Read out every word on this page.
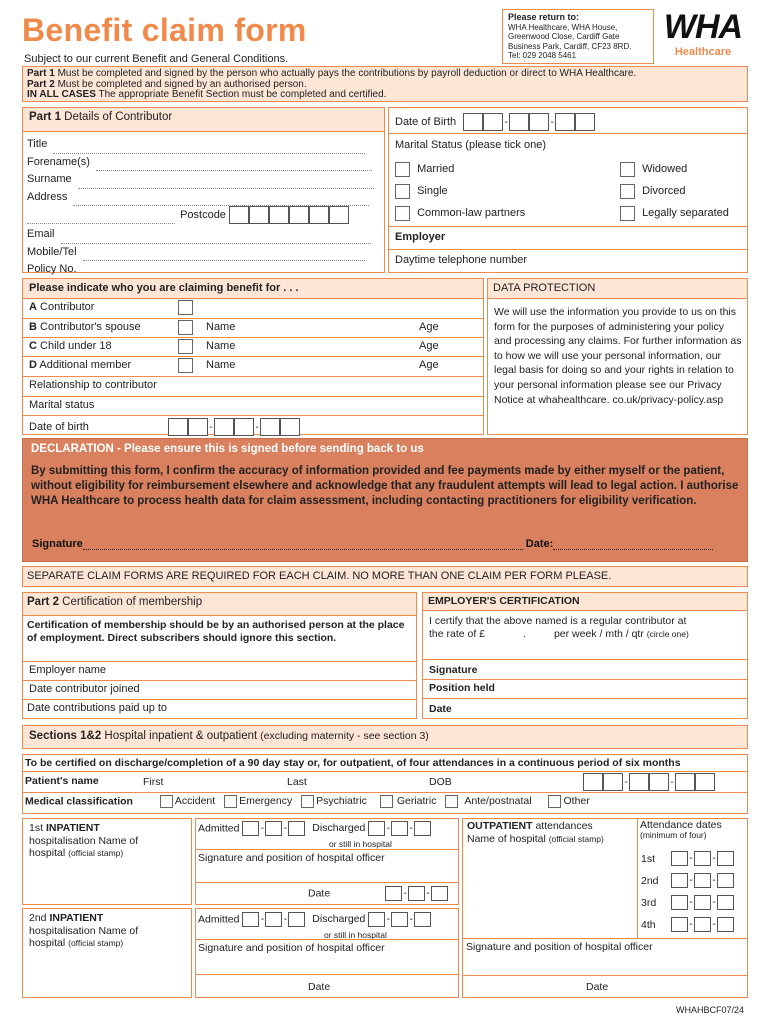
Benefit claim form
Subject to our current Benefit and General Conditions.
Please return to:
WHA Healthcare, WHA House,
Greenwood Close, Cardiff Gate
Business Park, Cardiff, CF23 8RD.
Tel: 029 2048 5461
WHA
Healthcare
Part 1 Must be completed and signed by the person who actually pays the contributions by payroll deduction or direct to WHA Healthcare.
Part 2 Must be completed and signed by an authorised person.
IN ALL CASES The appropriate Benefit Section must be completed and certified.
Part 1 Details of Contributor
Title
Forename(s)
Surname
Address
Postcode
Email
Mobile/Tel
Policy No.
Date of Birth	-	-
Marital Status (please tick one)
Married	Widowed
Single	Divorced
Common-law partners	Legally separated
Employer
Daytime telephone number
Please indicate who you are claiming benefit for . . .
A Contributor
B Contributor's spouse	Name	Age
C Child under 18	Name	Age
D Additional member	Name	Age
Relationship to contributor
Marital status
Date of birth	-	-
DATA PROTECTION
We will use the information you provide to us on this form for the purposes of administering your policy and processing any claims. For further information as to how we will use your personal information, our legal basis for doing so and your rights in relation to your personal information please see our Privacy Notice at whahealthcare. co.uk/privacy-policy.asp
DECLARATION - Please ensure this is signed before sending back to us
By submitting this form, I confirm the accuracy of information provided and fee payments made by either myself or the patient, without eligibility for reimbursement elsewhere and acknowledge that any fraudulent attempts will lead to legal action. I authorise WHA Healthcare to process health data for claim assessment, including contacting practitioners for eligibility verification.
Signature	Date:
SEPARATE CLAIM FORMS ARE REQUIRED FOR EACH CLAIM. NO MORE THAN ONE CLAIM PER FORM PLEASE.
Part 2 Certification of membership
Certification of membership should be by an authorised person at the place of employment. Direct subscribers should ignore this section.
Employer name
Date contributor joined
Date contributions paid up to
EMPLOYER'S CERTIFICATION
I certify that the above named is a regular contributor at
the rate of £	.	per week / mth / qtr (circle one)
Signature
Position held
Date
Sections 1&2 Hospital inpatient & outpatient (excluding maternity - see section 3)
To be certified on discharge/completion of a 90 day stay or, for outpatient, of four attendances in a continuous period of six months
Patient's name	First	Last	DOB	-	-
Medical classification	Accident Emergency Psychiatric	Geriatric	Ante/postnatal	Other
1st INPATIENT
hospitalisation Name of hospital (official stamp)
Admitted - - Discharged - -
or still in hospital
Signature and position of hospital officer
Date	- -
2nd INPATIENT
hospitalisation Name of hospital (official stamp)
Admitted - - Discharged - -
or still in hospital
Signature and position of hospital officer
Date
OUTPATIENT attendances
Name of hospital (official stamp)
Attendance dates
(minimum of four)
1st	- -
2nd	- -
3rd	- -
4th	- -
Signature and position of hospital officer
Date
WHAHBCF07/24
